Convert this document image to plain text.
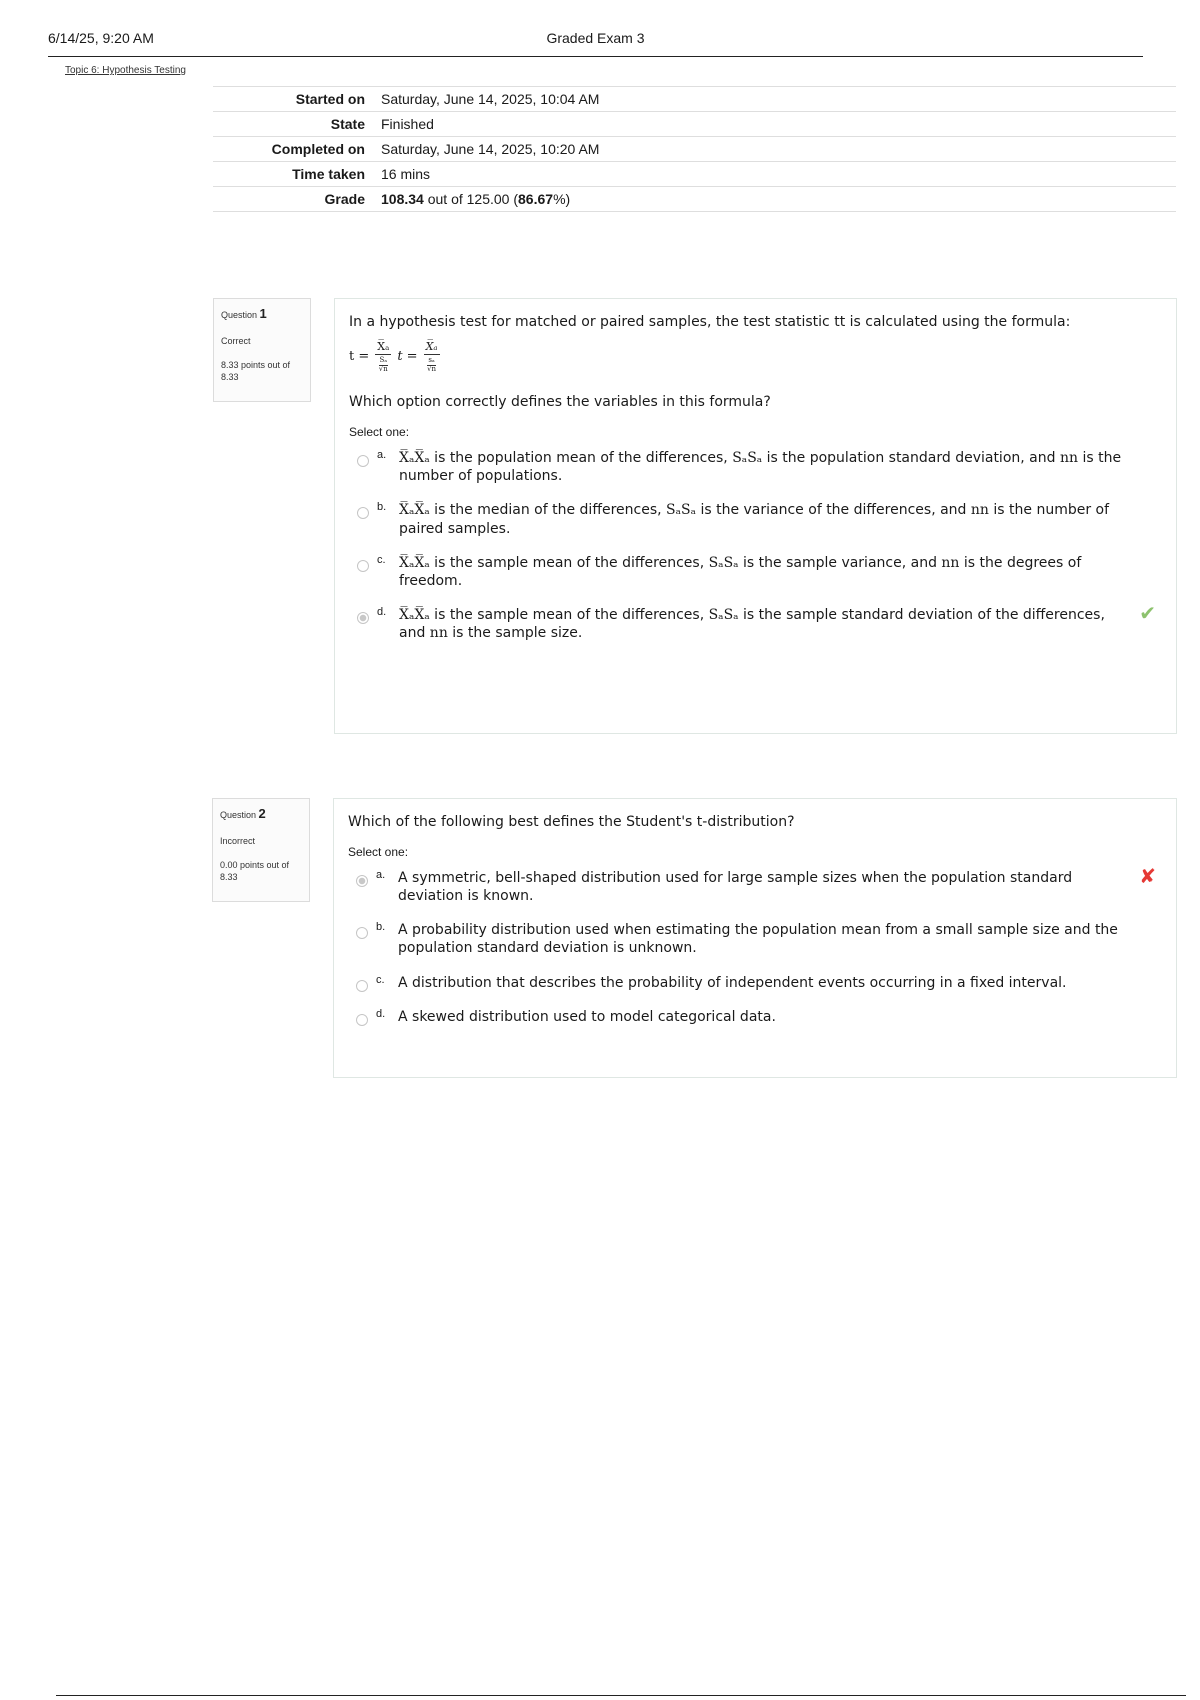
6/14/25, 9:20 AM	Graded Exam 3
Topic 6: Hypothesis Testing
Started on	Saturday, June 14, 2025, 10:04 AM
State	Finished
Completed on	Saturday, June 14, 2025, 10:20 AM
Time taken	16 mins
Grade	108.34 out of 125.00 (86.67%)
Question 1
Correct
8.33 points out of 8.33

In a hypothesis test for matched or paired samples, the test statistic tt is calculated using the formula:

t = X̅ₐ
Sₐ
√n t = X̅ₐ
sₐ
√n

Which option correctly defines the variables in this formula?

Select one:

a. X̅ₐX̅ₐ is the population mean of the differences, SₐSₐ is the population standard deviation, and nn is the number of populations.
b. X̅ₐX̅ₐ is the median of the differences, SₐSₐ is the variance of the differences, and nn is the number of paired samples.
c. X̅ₐX̅ₐ is the sample mean of the differences, SₐSₐ is the sample variance, and nn is the degrees of freedom.
d. X̅ₐX̅ₐ is the sample mean of the differences, SₐSₐ is the sample standard deviation of the differences, and nn is the sample size.
✔
Question 2
Incorrect
0.00 points out of 8.33

Which of the following best defines the Student's t-distribution?

Select one:

a. A symmetric, bell-shaped distribution used for large sample sizes when the population standard deviation is known.
✘
b. A probability distribution used when estimating the population mean from a small sample size and the population standard deviation is unknown.
c. A distribution that describes the probability of independent events occurring in a fixed interval.
d. A skewed distribution used to model categorical data.
